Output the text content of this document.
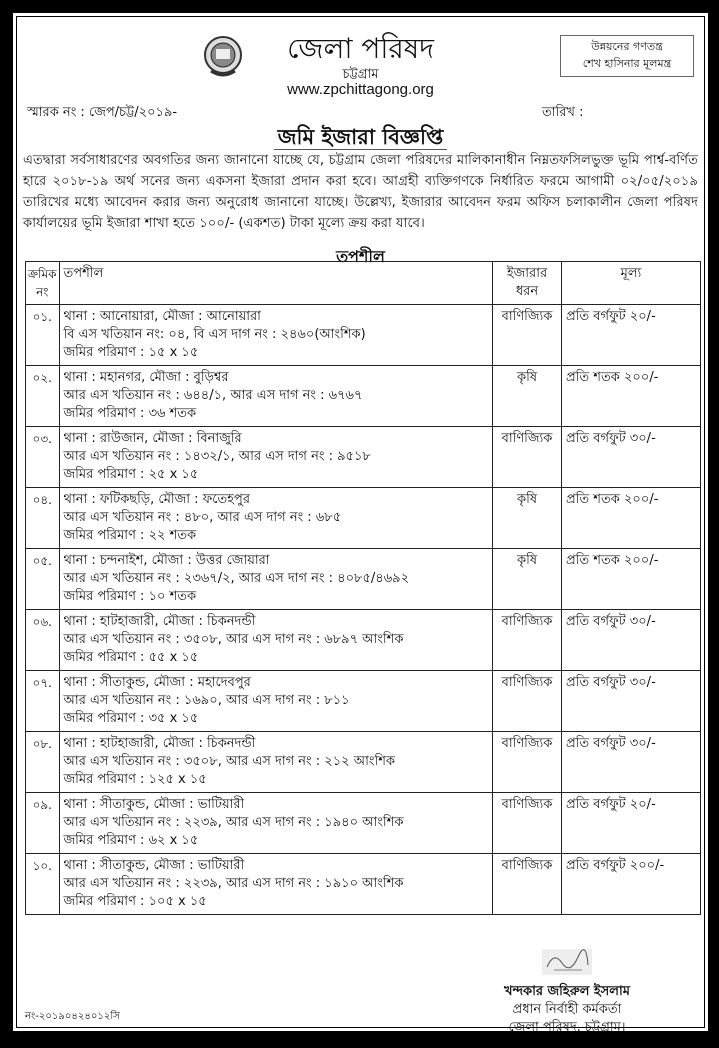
জেলা পরিষদ
চট্টগ্রাম
www.zpchittagong.org
উন্নয়নের গণতন্ত্র
শেখ হাসিনার মূলমন্ত্র
স্মারক নং : জেপ/চট্ট/২০১৯-	তারিখ :
জমি ইজারা বিজ্ঞপ্তি
এতদ্বারা সর্বসাধারণের অবগতির জন্য জানানো যাচ্ছে যে, চট্টগ্রাম জেলা পরিষদের মালিকানাধীন নিম্নতফসিলভুক্ত ভূমি পার্শ্ব-বর্ণিত হারে ২০১৮-১৯ অর্থ সনের জন্য একসনা ইজারা প্রদান করা হবে। আগ্রহী ব্যক্তিগণকে নির্ধারিত ফরমে আগামী ০২/০৫/২০১৯ তারিখের মধ্যে আবেদন করার জন্য অনুরোধ জানানো যাচ্ছে। উল্লেখ্য, ইজারার আবেদন ফরম অফিস চলাকালীন জেলা পরিষদ কার্যালয়ের ভূমি ইজারা শাখা হতে ১০০/- (একশত) টাকা মূল্যে ক্রয় করা যাবে।
তপশীল
ক্রমিক নং	তপশীল	ইজারার ধরন	মূল্য
০১.	থানা : আনোয়ারা, মৌজা : আনোয়ারা
বি এস খতিয়ান নং: ০৪, বি এস দাগ নং : ২৪৬০(আংশিক)
জমির পরিমাণ : ১৫ x ১৫	বাণিজ্যিক	প্রতি বর্গফুট ২০/-
০২.	থানা : মহানগর, মৌজা : বুড়িশ্বর
আর এস খতিয়ান নং : ৬৪৪/১, আর এস দাগ নং : ৬৭৬৭
জমির পরিমাণ : ৩৬ শতক	কৃষি	প্রতি শতক ২০০/-
০৩.	থানা : রাউজান, মৌজা : বিনাজুরি
আর এস খতিয়ান নং : ১৪৩২/১, আর এস দাগ নং : ৯৫১৮
জমির পরিমাণ : ২৫ x ১৫	বাণিজ্যিক	প্রতি বর্গফুট ৩০/-
০৪.	থানা : ফটিকছড়ি, মৌজা : ফতেহপুর
আর এস খতিয়ান নং : ৪৮০, আর এস দাগ নং : ৬৮৫
জমির পরিমাণ : ২২ শতক	কৃষি	প্রতি শতক ২০০/-
০৫.	থানা : চন্দনাইশ, মৌজা : উত্তর জোয়ারা
আর এস খতিয়ান নং : ২৩৬৭/২, আর এস দাগ নং : ৪০৮৫/৪৬৯২
জমির পরিমাণ : ১০ শতক	কৃষি	প্রতি শতক ২০০/-
০৬.	থানা : হাটহাজারী, মৌজা : চিকনদন্ডী
আর এস খতিয়ান নং : ৩৫০৮, আর এস দাগ নং : ৬৮৯৭ আংশিক
জমির পরিমাণ : ৫৫ x ১৫	বাণিজ্যিক	প্রতি বর্গফুট ৩০/-
০৭.	থানা : সীতাকুন্ড, মৌজা : মহাদেবপুর
আর এস খতিয়ান নং : ১৬৯০, আর এস দাগ নং : ৮১১
জমির পরিমাণ : ৩৫ x ১৫	বাণিজ্যিক	প্রতি বর্গফুট ৩০/-
০৮.	থানা : হাটহাজারী, মৌজা : চিকনদন্ডী
আর এস খতিয়ান নং : ৩৫০৮, আর এস দাগ নং : ২১২ আংশিক
জমির পরিমাণ : ১২৫ x ১৫	বাণিজ্যিক	প্রতি বর্গফুট ৩০/-
০৯.	থানা : সীতাকুন্ড, মৌজা : ভাটিয়ারী
আর এস খতিয়ান নং : ২২৩৯, আর এস দাগ নং : ১৯৪০ আংশিক
জমির পরিমাণ : ৬২ x ১৫	বাণিজ্যিক	প্রতি বর্গফুট ২০/-
১০.	থানা : সীতাকুন্ড, মৌজা : ভাটিয়ারী
আর এস খতিয়ান নং : ২২৩৯, আর এস দাগ নং : ১৯১০ আংশিক
জমির পরিমাণ : ১০৫ x ১৫	বাণিজ্যিক	প্রতি বর্গফুট ২০০/-
খন্দকার জহিরুল ইসলাম
প্রধান নির্বাহী কর্মকর্তা
জেলা পরিষদ, চট্টগ্রাম।
নং-২০১৯০৪২৪০১২সি
